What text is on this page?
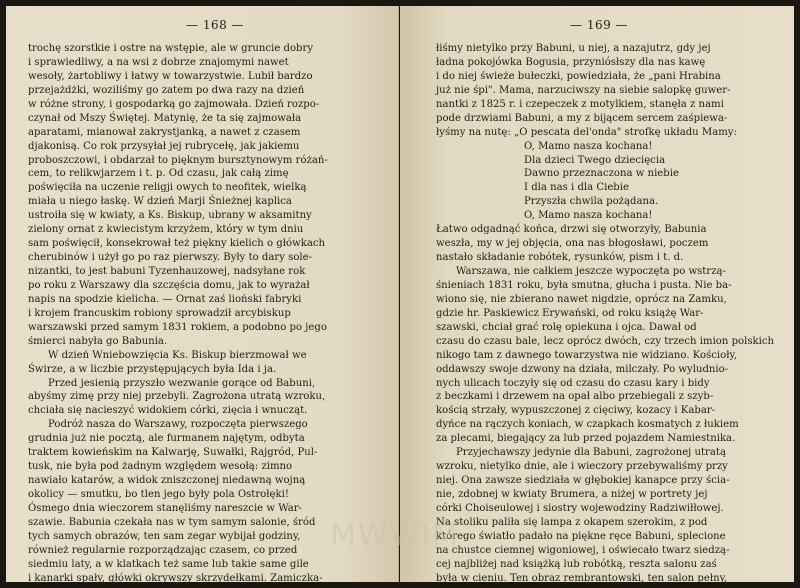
— 168 —
trochę szorstkie i ostre na wstępie, ale w gruncie dobry
i sprawiedliwy, a na wsi z dobrze znajomymi nawet
wesoły, żartobliwy i łatwy w towarzystwie. Lubił bardzo
przejażdżki, woziliśmy go zatem po dwa razy na dzień
w różne strony, i gospodarką go zajmowała. Dzień rozpo-
czynał od Mszy Świętej. Matynię, że ta się zajmowała
aparatami, mianował zakrystjanką, a nawet z czasem
djakonisą. Co rok przysyłał jej rubrycełę, jak jakiemu
proboszczowi, i obdarzał to pięknym bursztynowym różań-
cem, to relikwjarzem i t. p. Od czasu, jak całą zimę
poświęciła na uczenie religji owych to neofitek, wielką
miała u niego łaskę. W dzień Marji Śnieżnej kaplica
ustroiła się w kwiaty, a Ks. Biskup, ubrany w aksamitny
zielony ornat z kwiecistym krzyżem, który w tym dniu
sam poświęcił, konsekrował też piękny kielich o główkach
cherubinów i użył go po raz pierwszy. Były to dary sole-
nizantki, to jest babuni Tyzenhauzowej, nadsyłane rok
po roku z Warszawy dla szczęścia domu, jak to wyrażał
napis na spodzie kielicha. — Ornat zaś lioński fabryki
i krojem francuskim robiony sprowadził arcybiskup
warszawski przed samym 1831 rokiem, a podobno po jego
śmierci nabyła go Babunia.
W dzień Wniebowzięcia Ks. Biskup bierzmował we
Świrze, a w liczbie przystępujących była Ida i ja.
Przed jesienią przyszło wezwanie gorące od Babuni,
abyśmy zimę przy niej przebyli. Zagrożona utratą wzroku,
chciała się nacieszyć widokiem córki, zięcia i wnucząt.
Podróż nasza do Warszawy, rozpoczęta pierwszego
grudnia już nie pocztą, ale furmanem najętym, odbyta
traktem kowieńskim na Kalwarję, Suwałki, Rajgród, Pul-
tusk, nie była pod żadnym względem wesołą: zimno
nawiało katarów, a widok zniszczonej niedawną wojną
okolicy — smutku, bo tlen jego były pola Ostrołęki!
Ósmego dnia wieczorem stanęliśmy nareszcie w War-
szawie. Babunia czekała nas w tym samym salonie, śród
tych samych obrazów, ten sam zegar wybijał godziny,
również regularnie rozporządzając czasem, co przed
siedmiu laty, a w klatkach też same lub takie same gile
i kanarki spały, główki okrywszy skrzydełkami. Zamiczka-
— 169 —
łiśmy nietylko przy Babuni, u niej, a nazajutrz, gdy jej
ładna pokojówka Bogusia, przyniósłszy dla nas kawę
i do niej świeże bułeczki, powiedziała, że „pani Hrabina
już nie śpi". Mama, narzuciwszy na siebie salopkę guwer-
nantki z 1825 r. i czepeczek z motylkiem, stanęła z nami
pode drzwiami Babuni, a my z bijącem sercem zaśpiewa-
łyśmy na nutę: „O pescata del'onda" strofkę układu Mamy:
O, Mamo nasza kochana!
Dla dzieci Twego dziecięcia
Dawno przeznaczona w niebie
I dla nas i dla Ciebie
Przyszła chwila pożądana.
O, Mamo nasza kochana!
Łatwo odgadnąć końca, drzwi się otworzyły, Babunia
weszła, my w jej objęcia, ona nas błogosławi, poczem
nastało składanie robótek, rysunków, pism i t. d.
Warszawa, nie całkiem jeszcze wypoczęta po wstrzą-
śnieniach 1831 roku, była smutna, głucha i pusta. Nie ba-
wiono się, nie zbierano nawet nigdzie, oprócz na Zamku,
gdzie hr. Paskiewicz Erywański, od roku książę War-
szawski, chciał grać rolę opiekuna i ojca. Dawał od
czasu do czasu bale, lecz oprócz dwóch, czy trzech imion polskich
nikogo tam z dawnego towarzystwa nie widziano. Kościoły,
oddawszy swoje dzwony na działa, milczały. Po wyludnio-
nych ulicach toczyły się od czasu do czasu kary i bidy
z beczkami i drzewem na opał albo przebiegali z szyb-
kością strzały, wypuszczonej z cięciwy, kozacy i Kabar-
dyńce na rączych koniach, w czapkach kosmatych z łukiem
za plecami, biegający za lub przed pojazdem Namiestnika.
Przyjechawszy jedynie dla Babuni, zagrożonej utratą
wzroku, nietylko dnie, ale i wieczory przebywaliśmy przy
niej. Ona zawsze siedziała w głębokiej kanapce przy ścia-
nie, zdobnej w kwiaty Brumera, a niżej w portrety jej
córki Choiseulowej i siostry wojewodziny Radziwiłłowej.
Na stoliku paliła się lampa z okapem szerokim, z pod
którego światło padało na piękne ręce Babuni, splecione
na chustce ciemnej wigoniowej, i oświecało twarz siedzą-
cej najbliżej nad książką lub robótką, reszta salonu zaś
była w cieniu. Ten obraz rembrantowski, ten salon pełny,
MWWIM
